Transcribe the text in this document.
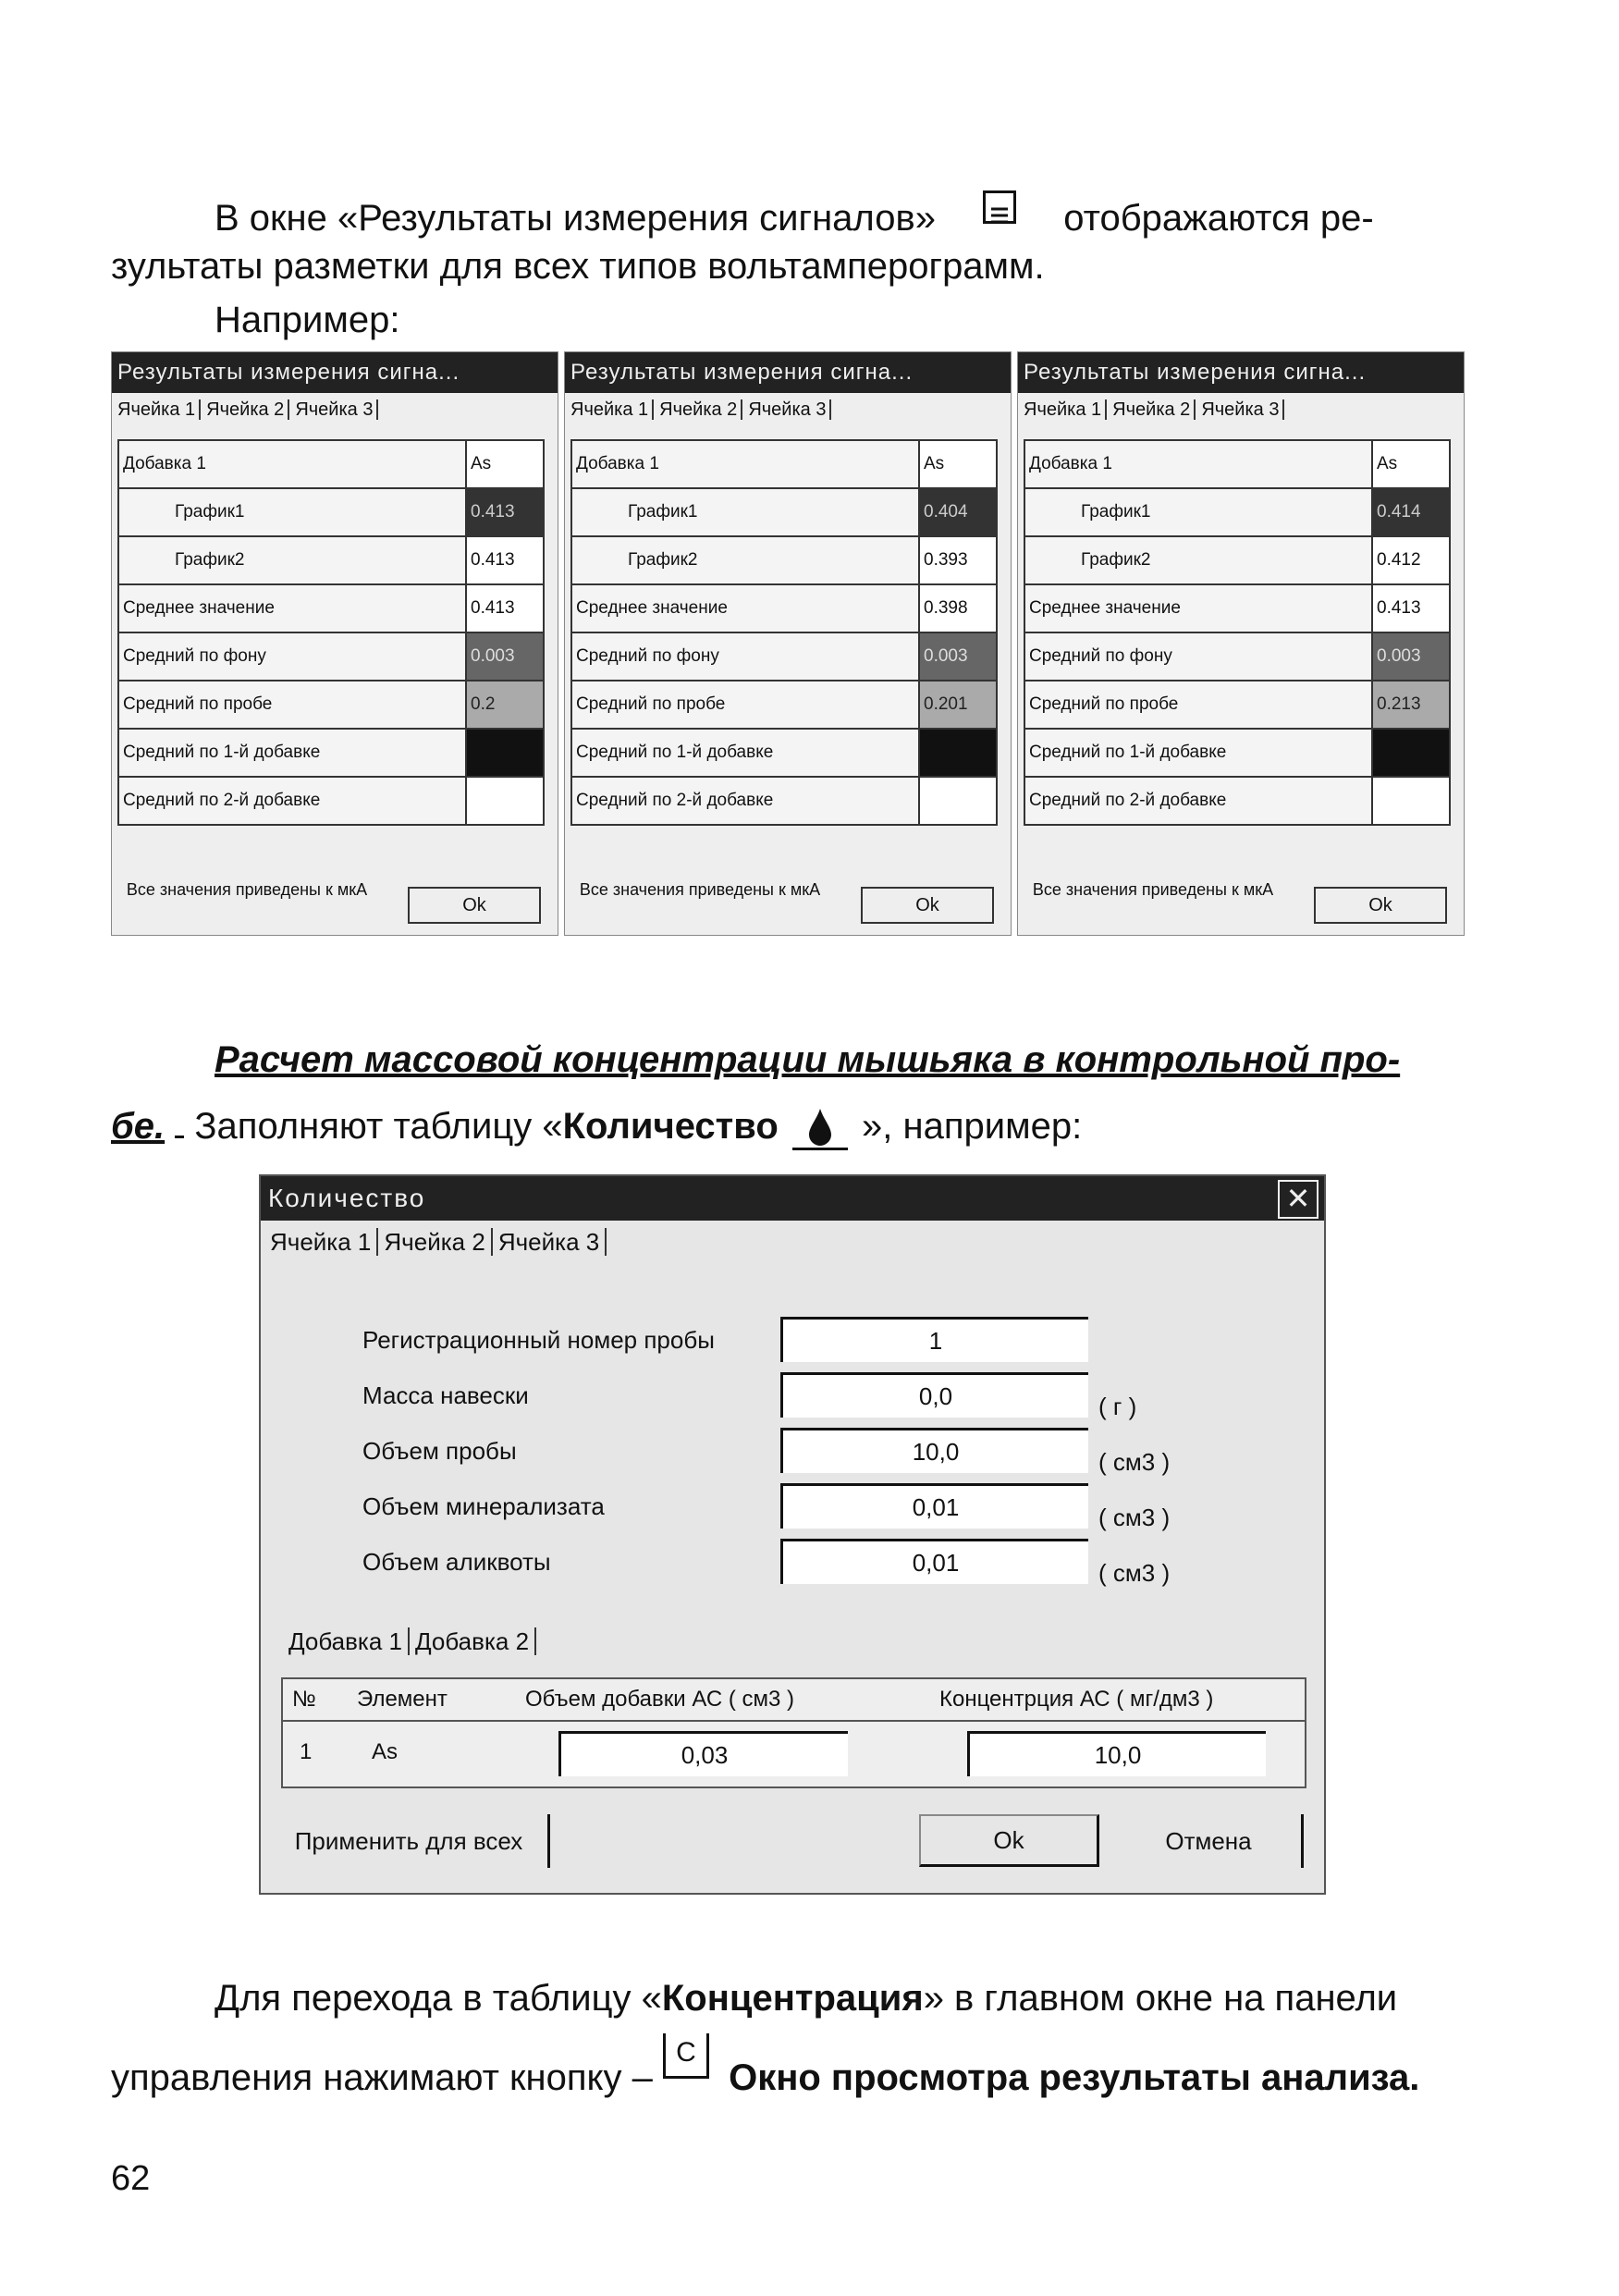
В окне «Результаты измерения сигналов»	отображаются ре-
зультаты разметки для всех типов вольтамперограмм.
Например:
Результаты измерения сигна...
Ячейка 1 Ячейка 2 Ячейка 3
Добавка 1	As
График1	0.413
График2	0.413
Среднее значение	0.413
Средний по фону	0.003
Средний по пробе	0.2
Средний по 1-й добавке	
Средний по 2-й добавке	
Все значения приведены к мкА
Ok
Результаты измерения сигна...
Ячейка 1 Ячейка 2 Ячейка 3
Добавка 1	As
График1	0.404
График2	0.393
Среднее значение	0.398
Средний по фону	0.003
Средний по пробе	0.201
Средний по 1-й добавке	
Средний по 2-й добавке	
Все значения приведены к мкА
Ok
Результаты измерения сигна...
Ячейка 1 Ячейка 2 Ячейка 3
Добавка 1	As
График1	0.414
График2	0.412
Среднее значение	0.413
Средний по фону	0.003
Средний по пробе	0.213
Средний по 1-й добавке	
Средний по 2-й добавке	
Все значения приведены к мкА
Ok
Расчет массовой концентрации мышьяка в контрольной про-
бе. Заполняют таблицу «Количество », например:
Количество	✕
Ячейка 1 Ячейка 2 Ячейка 3
Регистрационный номер пробы	1
Масса навески	0,0	( г )
Объем пробы	10,0	( см3 )
Объем минерализата	0,01	( см3 )
Объем аликвоты	0,01	( см3 )
Добавка 1 Добавка 2
№ Элемент	Объем добавки АС ( см3 )	Концентрция АС ( мг/дм3 )
1	As	0,03	10,0
Применить для всех	Ok	Отмена
Для перехода в таблицу «Концентрация» в главном окне на панели
управления нажимают кнопку – C Окно просмотра результаты анализа.
62
